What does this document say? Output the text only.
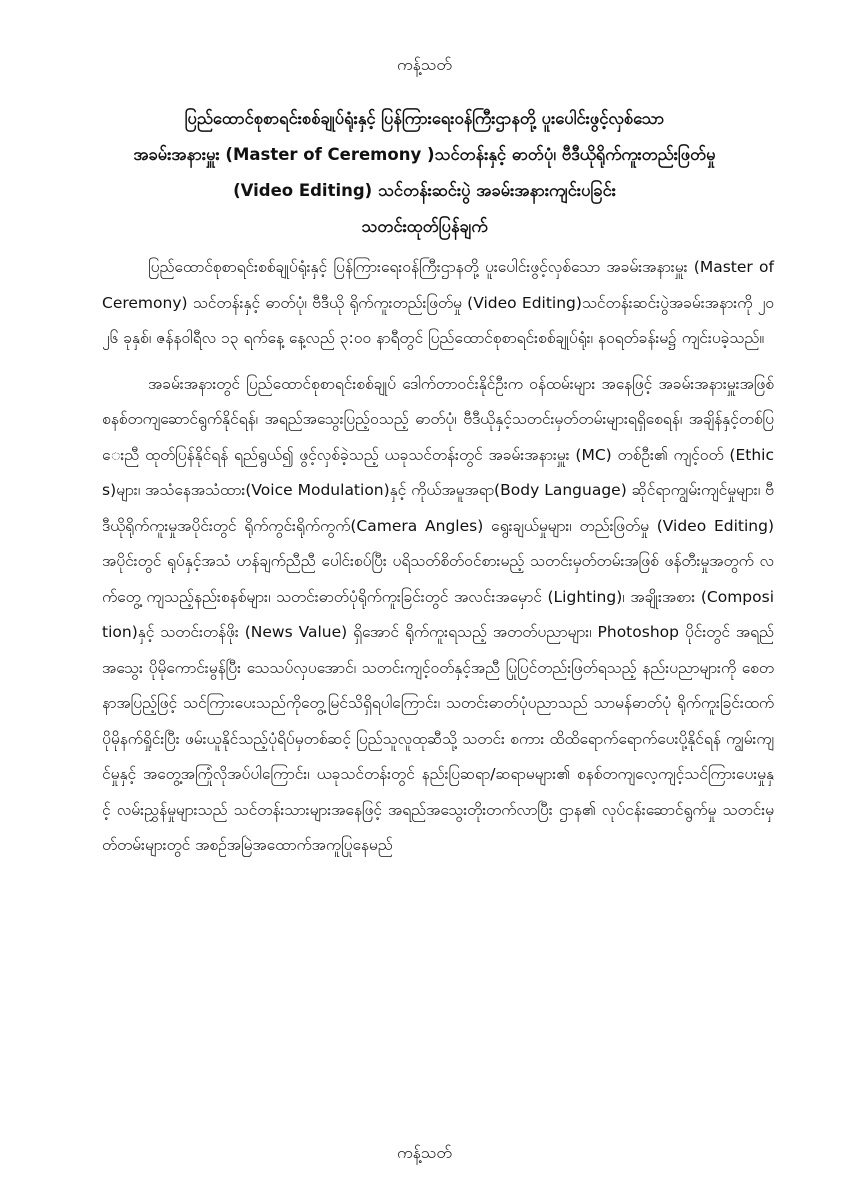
ကန့်သတ်
ပြည်ထောင်စုစာရင်းစစ်ချုပ်ရုံးနှင့် ပြန်ကြားရေးဝန်ကြီးဌာနတို့ ပူးပေါင်းဖွင့်လှစ်သော
အခမ်းအနားမှူး (Master of Ceremony )သင်တန်းနှင့် ဓာတ်ပုံ၊ ဗီဒီယိုရိုက်ကူးတည်းဖြတ်မှု
(Video Editing) သင်တန်းဆင်းပွဲ အခမ်းအနားကျင်းပခြင်း
သတင်းထုတ်ပြန်ချက်

ပြည်ထောင်စုစာရင်းစစ်ချုပ်ရုံးနှင့် ပြန်ကြားရေးဝန်ကြီးဌာနတို့ ပူးပေါင်းဖွင့်လှစ်သော အခမ်းအနားမှူး (Master of Ceremony) သင်တန်းနှင့် ဓာတ်ပုံ၊ ဗီဒီယို ရိုက်ကူးတည်းဖြတ်မှု (Video Editing)သင်တန်းဆင်းပွဲအခမ်းအနားကို ၂၀၂၆ ခုနှစ်၊ ဇန်နဝါရီလ ၁၃ ရက်နေ့ နေ့လည် ၃:၀၀ နာရီတွင် ပြည်ထောင်စုစာရင်းစစ်ချုပ်ရုံး၊ နဝရတ်ခန်းမ၌ ကျင်းပခဲ့သည်။

အခမ်းအနားတွင် ပြည်ထောင်စုစာရင်းစစ်ချုပ် ဒေါက်တာဝင်းနိုင်ဦးက ဝန်ထမ်းများ အနေဖြင့် အခမ်းအနားမှူးအဖြစ် စနစ်တကျဆောင်ရွက်နိုင်ရန်၊ အရည်အသွေးပြည့်ဝသည့် ဓာတ်ပုံ၊ ဗီဒီယိုနှင့်သတင်းမှတ်တမ်းများရရှိစေရန်၊ အချိန်နှင့်တစ်ပြေးညီ ထုတ်ပြန်နိုင်ရန် ရည်ရွယ်၍ ဖွင့်လှစ်ခဲ့သည့် ယခုသင်တန်းတွင် အခမ်းအနားမှူး (MC) တစ်ဦး၏ ကျင့်ဝတ် (Ethics)များ၊ အသံနေအသံထား(Voice Modulation)နှင့် ကိုယ်အမူအရာ(Body Language) ဆိုင်ရာကျွမ်းကျင်မှုများ၊ ဗီဒီယိုရိုက်ကူးမှုအပိုင်းတွင် ရိုက်ကွင်းရိုက်ကွက်(Camera Angles) ရွေးချယ်မှုများ၊ တည်းဖြတ်မှု (Video Editing) အပိုင်းတွင် ရုပ်နှင့်အသံ ဟန်ချက်ညီညီ ပေါင်းစပ်ပြီး ပရိသတ်စိတ်ဝင်စားမည့် သတင်းမှတ်တမ်းအဖြစ် ဖန်တီးမှုအတွက် လက်တွေ့ ကျသည့်နည်းစနစ်များ၊ သတင်းဓာတ်ပုံရိုက်ကူးခြင်းတွင် အလင်းအမှောင် (Lighting)၊ အချိုးအစား (Composition)နှင့် သတင်းတန်ဖိုး (News Value) ရှိအောင် ရိုက်ကူးရသည့် အတတ်ပညာများ၊ Photoshop ပိုင်းတွင် အရည်အသွေး ပိုမိုကောင်းမွန်ပြီး သေသပ်လှပအောင်၊ သတင်းကျင့်ဝတ်နှင့်အညီ ပြုပြင်တည်းဖြတ်ရသည့် နည်းပညာများကို စေတနာအပြည့်ဖြင့် သင်ကြားပေးသည်ကိုတွေ့မြင်သိရှိရပါကြောင်း၊ သတင်းဓာတ်ပုံပညာသည် သာမန်ဓာတ်ပုံ ရိုက်ကူးခြင်းထက် ပိုမိုနက်ရှိုင်းပြီး ဖမ်းယူနိုင်သည့်ပုံရိပ်မှတစ်ဆင့် ပြည်သူလူထုဆီသို့ သတင်း စကား ထိထိရောက်ရောက်ပေးပို့နိုင်ရန် ကျွမ်းကျင်မှုနှင့် အတွေ့အကြုံလိုအပ်ပါကြောင်း၊ ယခုသင်တန်းတွင် နည်းပြဆရာ/ဆရာမများ၏ စနစ်တကျလေ့ကျင့်သင်ကြားပေးမှုနှင့် လမ်းညွှန်မှုများသည် သင်တန်းသားများအနေဖြင့် အရည်အသွေးတိုးတက်လာပြီး ဌာန၏ လုပ်ငန်းဆောင်ရွက်မှု သတင်းမှတ်တမ်းများတွင် အစဉ်အမြဲအထောက်အကူပြုနေမည်

ကန့်သတ်
